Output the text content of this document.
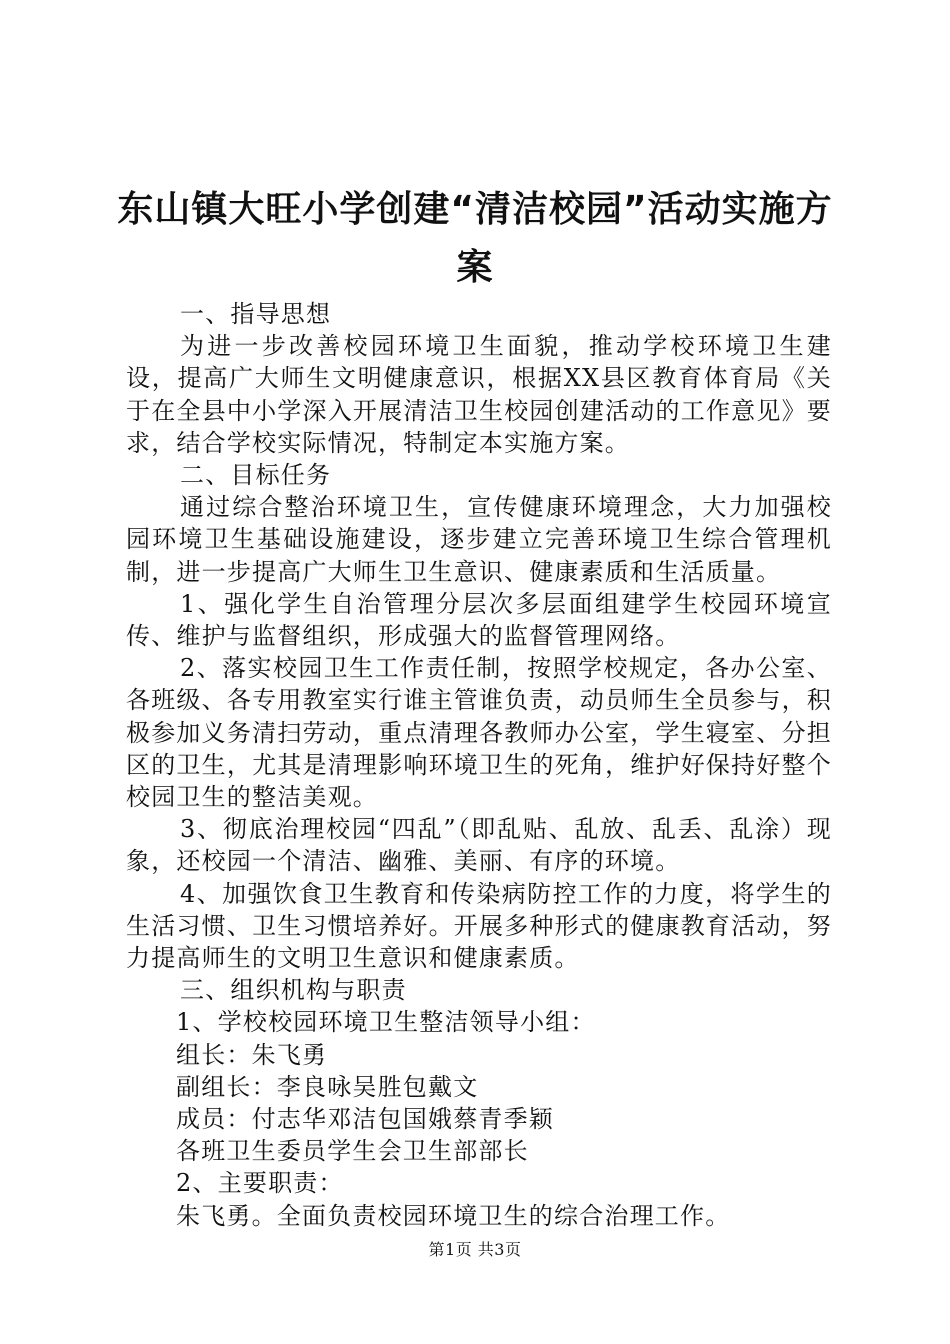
东山镇大旺小学创建“清洁校园”活动实施方
案

一、指导思想

为进一步改善校园环境卫生面貌，推动学校环境卫生建设，提高广大师生文明健康意识，根据XX县区教育体育局《关于在全县中小学深入开展清洁卫生校园创建活动的工作意见》要求，结合学校实际情况，特制定本实施方案。

二、目标任务

通过综合整治环境卫生，宣传健康环境理念，大力加强校园环境卫生基础设施建设，逐步建立完善环境卫生综合管理机制，进一步提高广大师生卫生意识、健康素质和生活质量。

1、强化学生自治管理分层次多层面组建学生校园环境宣传、维护与监督组织，形成强大的监督管理网络。

2、落实校园卫生工作责任制，按照学校规定，各办公室、各班级、各专用教室实行谁主管谁负责，动员师生全员参与，积极参加义务清扫劳动，重点清理各教师办公室，学生寝室、分担区的卫生，尤其是清理影响环境卫生的死角，维护好保持好整个校园卫生的整洁美观。

3、彻底治理校园“四乱”（即乱贴、乱放、乱丢、乱涂）现象，还校园一个清洁、幽雅、美丽、有序的环境。

4、加强饮食卫生教育和传染病防控工作的力度，将学生的生活习惯、卫生习惯培养好。开展多种形式的健康教育活动，努力提高师生的文明卫生意识和健康素质。

三、组织机构与职责

1、学校校园环境卫生整洁领导小组：

组长：朱飞勇

副组长：李良咏吴胜包戴文

成员：付志华邓洁包国娥蔡青季颖

各班卫生委员学生会卫生部部长

2、主要职责：

朱飞勇。全面负责校园环境卫生的综合治理工作。

第1页 共3页
